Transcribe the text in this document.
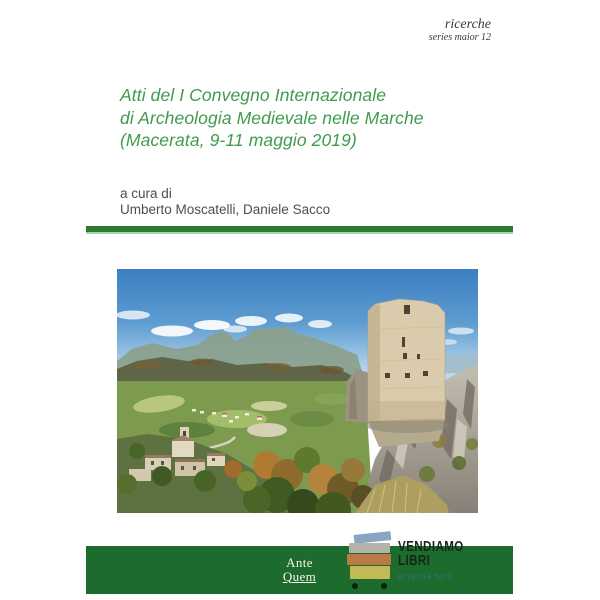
ricerche
series maior 12
Atti del I Convegno Internazionale
di Archeologia Medievale nelle Marche
(Macerata, 9-11 maggio 2019)
a cura di
Umberto Moscatelli, Daniele Sacco
Ante
Quem
VENDIAMO
LIBRI
DI TUTTI A TUTTI
